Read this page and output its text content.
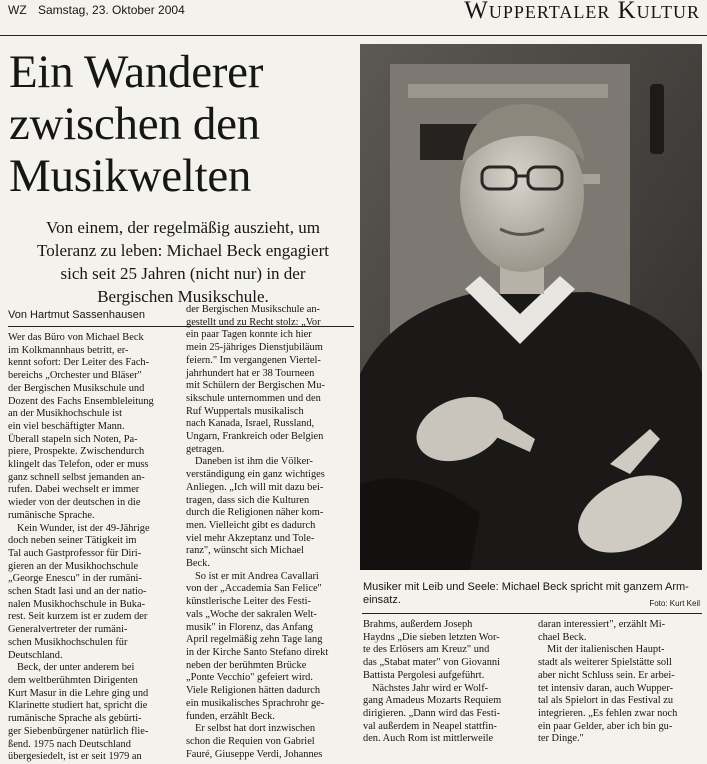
WZ Samstag, 23. Oktober 2004	Wuppertaler Kultur
Ein Wanderer
zwischen den
Musikwelten
Von einem, der regelmäßig auszieht, um
Toleranz zu leben: Michael Beck engagiert
sich seit 25 Jahren (nicht nur) in der
Bergischen Musikschule.
Von Hartmut Sassenhausen
Musiker mit Leib und Seele: Michael Beck spricht mit ganzem Arm-
einsatz.	Foto: Kurt Keil
Wer das Büro von Michael Beck
im Kolkmannhaus betritt, er-
kennt sofort: Der Leiter des Fach-
bereichs „Orchester und Bläser"
der Bergischen Musikschule und
Dozent des Fachs Ensembleleitung
an der Musikhochschule ist
ein viel beschäftigter Mann.
Überall stapeln sich Noten, Pa-
piere, Prospekte. Zwischendurch
klingelt das Telefon, oder er muss
ganz schnell selbst jemanden an-
rufen. Dabei wechselt er immer
wieder von der deutschen in die
rumänische Sprache.
Kein Wunder, ist der 49-Jährige
doch neben seiner Tätigkeit im
Tal auch Gastprofessor für Diri-
gieren an der Musikhochschule
„George Enescu" in der rumäni-
schen Stadt Iasi und an der natio-
nalen Musikhochschule in Buka-
rest. Seit kurzem ist er zudem der
Generalvertreter der rumäni-
schen Musikhochschulen für
Deutschland.
Beck, der unter anderem bei
dem weltberühmten Dirigenten
Kurt Masur in die Lehre ging und
Klarinette studiert hat, spricht die
rumänische Sprache als gebürti-
ger Siebenbürgener natürlich flie-
ßend. 1975 nach Deutschland
übergesiedelt, ist er seit 1979 an
der Bergischen Musikschule an-
gestellt und zu Recht stolz: „Vor
ein paar Tagen konnte ich hier
mein 25-jähriges Dienstjubiläum
feiern." Im vergangenen Viertel-
jahrhundert hat er 38 Tourneen
mit Schülern der Bergischen Mu-
sikschule unternommen und den
Ruf Wuppertals musikalisch
nach Kanada, Israel, Russland,
Ungarn, Frankreich oder Belgien
getragen.
Daneben ist ihm die Völker-
verständigung ein ganz wichtiges
Anliegen. „Ich will mit dazu bei-
tragen, dass sich die Kulturen
durch die Religionen näher kom-
men. Vielleicht gibt es dadurch
viel mehr Akzeptanz und Tole-
ranz", wünscht sich Michael
Beck.
So ist er mit Andrea Cavallari
von der „Accademia San Felice"
künstlerische Leiter des Festi-
vals „Woche der sakralen Welt-
musik" in Florenz, das Anfang
April regelmäßig zehn Tage lang
in der Kirche Santo Stefano direkt
neben der berühmten Brücke
„Ponte Vecchio" gefeiert wird.
Viele Religionen hätten dadurch
ein musikalisches Sprachrohr ge-
funden, erzählt Beck.
Er selbst hat dort inzwischen
schon die Requien von Gabriel
Fauré, Giuseppe Verdi, Johannes
Brahms, außerdem Joseph
Haydns „Die sieben letzten Wor-
te des Erlösers am Kreuz" und
das „Stabat mater" von Giovanni
Battista Pergolesi aufgeführt.
Nächstes Jahr wird er Wolf-
gang Amadeus Mozarts Requiem
dirigieren. „Dann wird das Festi-
val außerdem in Neapel stattfin-
den. Auch Rom ist mittlerweile
daran interessiert", erzählt Mi-
chael Beck.
Mit der italienischen Haupt-
stadt als weiterer Spielstätte soll
aber nicht Schluss sein. Er arbei-
tet intensiv daran, auch Wupper-
tal als Spielort in das Festival zu
integrieren. „Es fehlen zwar noch
ein paar Gelder, aber ich bin gu-
ter Dinge."
